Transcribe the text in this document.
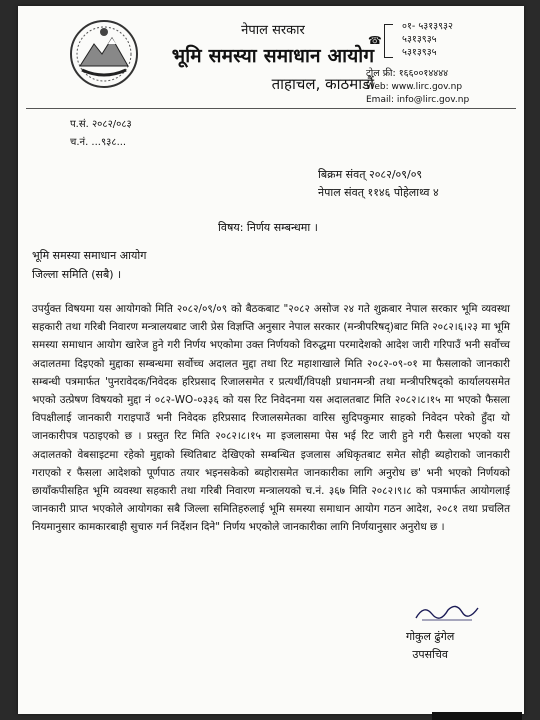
नेपाल सरकार
भूमि समस्या समाधान आयोग
ताहाचल, काठमाडौं
☎
०१- ५३१३९३२
५३१३९३५
५३१३९३५
टोल फ्री: १६६००१४४४४
Web: www.lirc.gov.np
Email: info@lirc.gov.np
प.सं. २०८२/०८३
च.नं. ...९३८...
बिक्रम संवत् २०८२/०९/०९
नेपाल संवत् ११४६ पोहेलाथ्व ४
विषय: निर्णय सम्बन्धमा ।
भूमि समस्या समाधान आयोग
जिल्ला समिति (सबै) ।
उपर्युक्त विषयमा यस आयोगको मिति २०८२/०९/०९ को बैठकबाट "२०८२ असोज २४ गते शुक्रबार नेपाल सरकार भूमि व्यवस्था सहकारी तथा गरिबी निवारण मन्त्रालयबाट जारी प्रेस विज्ञप्ति अनुसार नेपाल सरकार (मन्त्रीपरिषद्)बाट मिति २०८२।६।२३ मा भूमि समस्या समाधान आयोग खारेज हुने गरी निर्णय भएकोमा उक्त निर्णयको विरुद्धमा परमादेशको आदेश जारी गरिपाउँ भनी सर्वोच्च अदालतमा दिइएको मुद्दाका सम्बन्धमा सर्वोच्च अदालत मुद्दा तथा रिट महाशाखाले मिति २०८२-०९-०१ मा फैसलाको जानकारी सम्बन्धी पत्रमार्फत 'पुनरावेदक/निवेदक हरिप्रसाद रिजालसमेत र प्रत्यर्थी/विपक्षी प्रधानमन्त्री तथा मन्त्रीपरिषद्को कार्यालयसमेत भएको उत्प्रेषण विषयको मुद्दा नं ०८२-WO-०३३६ को यस रिट निवेदनमा यस अदालतबाट मिति २०८२।८।१५ मा भएको फैसला विपक्षीलाई जानकारी गराइपाउँ भनी निवेदक हरिप्रसाद रिजालसमेतका वारिस सुदिपकुमार साहको निवेदन परेको हुँदा यो जानकारीपत्र पठाइएको छ । प्रस्तुत रिट मिति २०८२।८।१५ मा इजलासमा पेस भई रिट जारी हुने गरी फैसला भएको यस अदालतको वेबसाइटमा रहेको मुद्दाको स्थितिबाट देखिएको सम्बन्धित इजलास अधिकृतबाट समेत सोही ब्यहोराको जानकारी गराएको र फैसला आदेशको पूर्णपाठ तयार भइनसकेको ब्यहोरासमेत जानकारीका लागि अनुरोध छ' भनी भएको निर्णयको छायाँकपीसहित भूमि व्यवस्था सहकारी तथा गरिबी निवारण मन्त्रालयको च.नं. ३६७ मिति २०८२।९।८ को पत्रमार्फत आयोगलाई जानकारी प्राप्त भएकोले आयोगका सबै जिल्ला समितिहरुलाई भूमि समस्या समाधान आयोग गठन आदेश, २०८१ तथा प्रचलित नियमानुसार कामकारबाही सुचारु गर्न निर्देशन दिने" निर्णय भएकोले जानकारीका लागि निर्णयानुसार अनुरोध छ ।
गोकुल ढुंगेल
उपसचिव
